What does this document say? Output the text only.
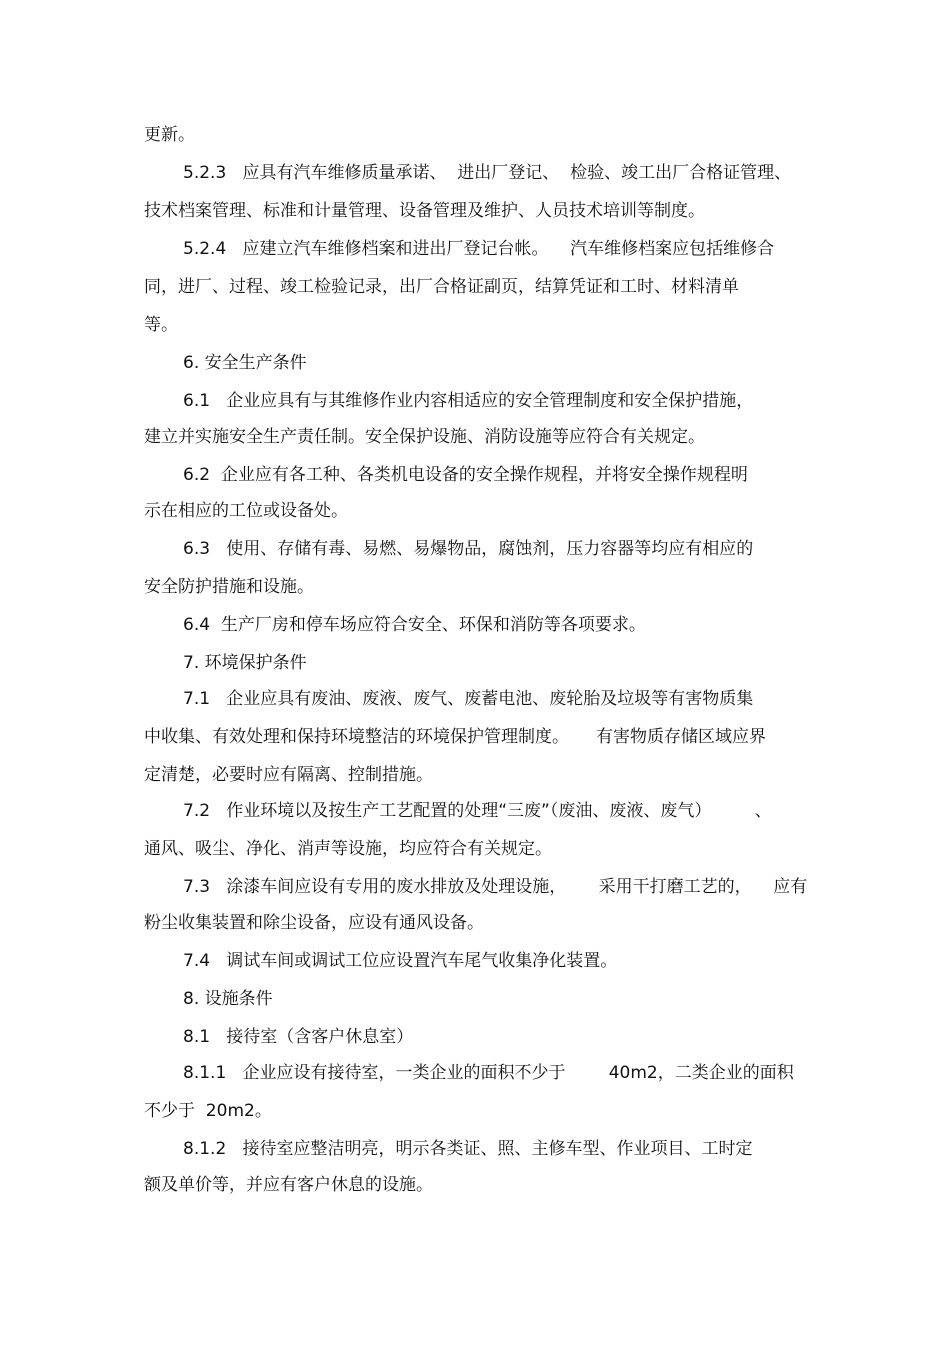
更新。
5.2.3   应具有汽车维修质量承诺、  进出厂登记、  检验、竣工出厂合格证管理、
技术档案管理、标准和计量管理、设备管理及维护、人员技术培训等制度。
5.2.4   应建立汽车维修档案和进出厂登记台帐。    汽车维修档案应包括维修合
同，进厂、过程、竣工检验记录，出厂合格证副页，结算凭证和工时、材料清单
等。
6. 安全生产条件
6.1   企业应具有与其维修作业内容相适应的安全管理制度和安全保护措施，
建立并实施安全生产责任制。安全保护设施、消防设施等应符合有关规定。
6.2  企业应有各工种、各类机电设备的安全操作规程，并将安全操作规程明
示在相应的工位或设备处。
6.3   使用、存储有毒、易燃、易爆物品，腐蚀剂，压力容器等均应有相应的
安全防护措施和设施。
6.4  生产厂房和停车场应符合安全、环保和消防等各项要求。
7. 环境保护条件
7.1   企业应具有废油、废液、废气、废蓄电池、废轮胎及垃圾等有害物质集
中收集、有效处理和保持环境整洁的环境保护管理制度。     有害物质存储区域应界
定清楚，必要时应有隔离、控制措施。
7.2   作业环境以及按生产工艺配置的处理“三废”（废油、废液、废气）        、
通风、吸尘、净化、消声等设施，均应符合有关规定。
7.3   涂漆车间应设有专用的废水排放及处理设施，      采用干打磨工艺的，    应有
粉尘收集装置和除尘设备，应设有通风设备。
7.4   调试车间或调试工位应设置汽车尾气收集净化装置。
8. 设施条件
8.1   接待室（含客户休息室）
8.1.1   企业应设有接待室，一类企业的面积不少于        40m2，二类企业的面积
不少于  20m2。
8.1.2   接待室应整洁明亮，明示各类证、照、主修车型、作业项目、工时定
额及单价等，并应有客户休息的设施。
